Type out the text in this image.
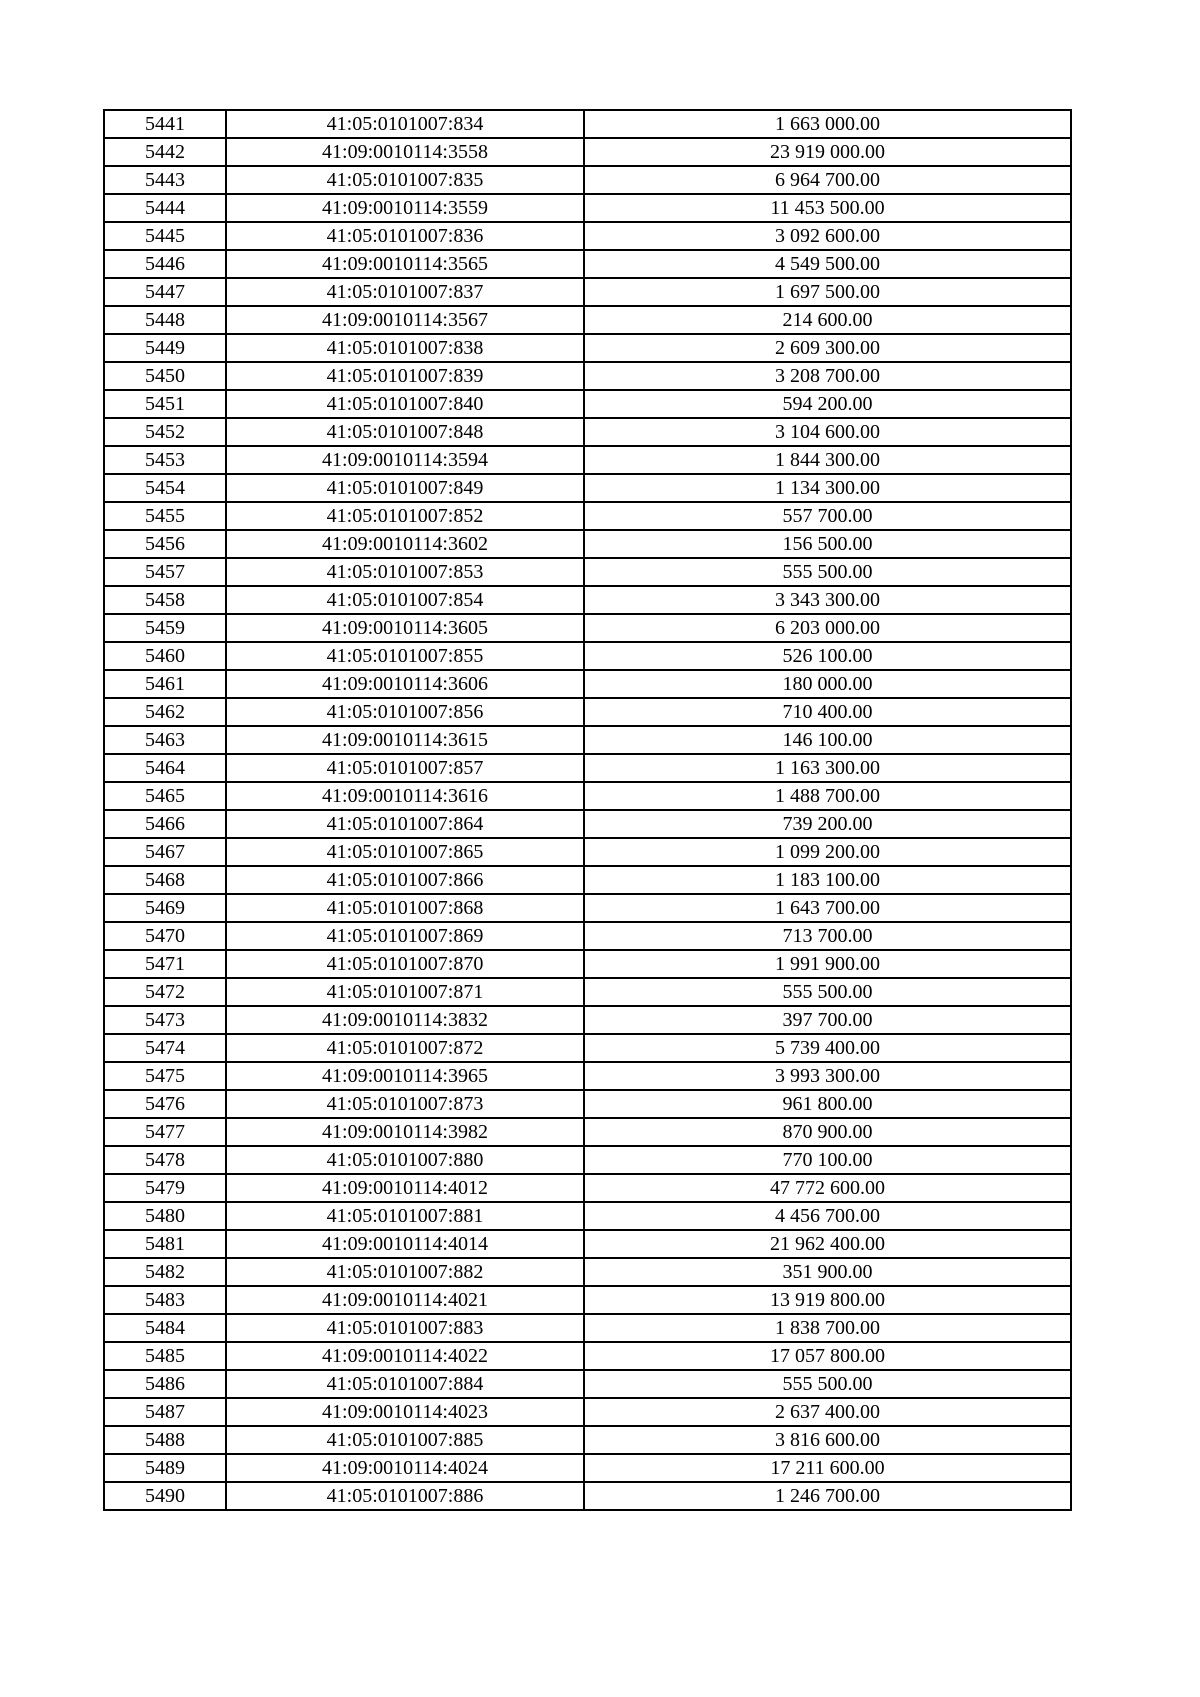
5441	41:05:0101007:834	1 663 000.00
5442	41:09:0010114:3558	23 919 000.00
5443	41:05:0101007:835	6 964 700.00
5444	41:09:0010114:3559	11 453 500.00
5445	41:05:0101007:836	3 092 600.00
5446	41:09:0010114:3565	4 549 500.00
5447	41:05:0101007:837	1 697 500.00
5448	41:09:0010114:3567	214 600.00
5449	41:05:0101007:838	2 609 300.00
5450	41:05:0101007:839	3 208 700.00
5451	41:05:0101007:840	594 200.00
5452	41:05:0101007:848	3 104 600.00
5453	41:09:0010114:3594	1 844 300.00
5454	41:05:0101007:849	1 134 300.00
5455	41:05:0101007:852	557 700.00
5456	41:09:0010114:3602	156 500.00
5457	41:05:0101007:853	555 500.00
5458	41:05:0101007:854	3 343 300.00
5459	41:09:0010114:3605	6 203 000.00
5460	41:05:0101007:855	526 100.00
5461	41:09:0010114:3606	180 000.00
5462	41:05:0101007:856	710 400.00
5463	41:09:0010114:3615	146 100.00
5464	41:05:0101007:857	1 163 300.00
5465	41:09:0010114:3616	1 488 700.00
5466	41:05:0101007:864	739 200.00
5467	41:05:0101007:865	1 099 200.00
5468	41:05:0101007:866	1 183 100.00
5469	41:05:0101007:868	1 643 700.00
5470	41:05:0101007:869	713 700.00
5471	41:05:0101007:870	1 991 900.00
5472	41:05:0101007:871	555 500.00
5473	41:09:0010114:3832	397 700.00
5474	41:05:0101007:872	5 739 400.00
5475	41:09:0010114:3965	3 993 300.00
5476	41:05:0101007:873	961 800.00
5477	41:09:0010114:3982	870 900.00
5478	41:05:0101007:880	770 100.00
5479	41:09:0010114:4012	47 772 600.00
5480	41:05:0101007:881	4 456 700.00
5481	41:09:0010114:4014	21 962 400.00
5482	41:05:0101007:882	351 900.00
5483	41:09:0010114:4021	13 919 800.00
5484	41:05:0101007:883	1 838 700.00
5485	41:09:0010114:4022	17 057 800.00
5486	41:05:0101007:884	555 500.00
5487	41:09:0010114:4023	2 637 400.00
5488	41:05:0101007:885	3 816 600.00
5489	41:09:0010114:4024	17 211 600.00
5490	41:05:0101007:886	1 246 700.00
